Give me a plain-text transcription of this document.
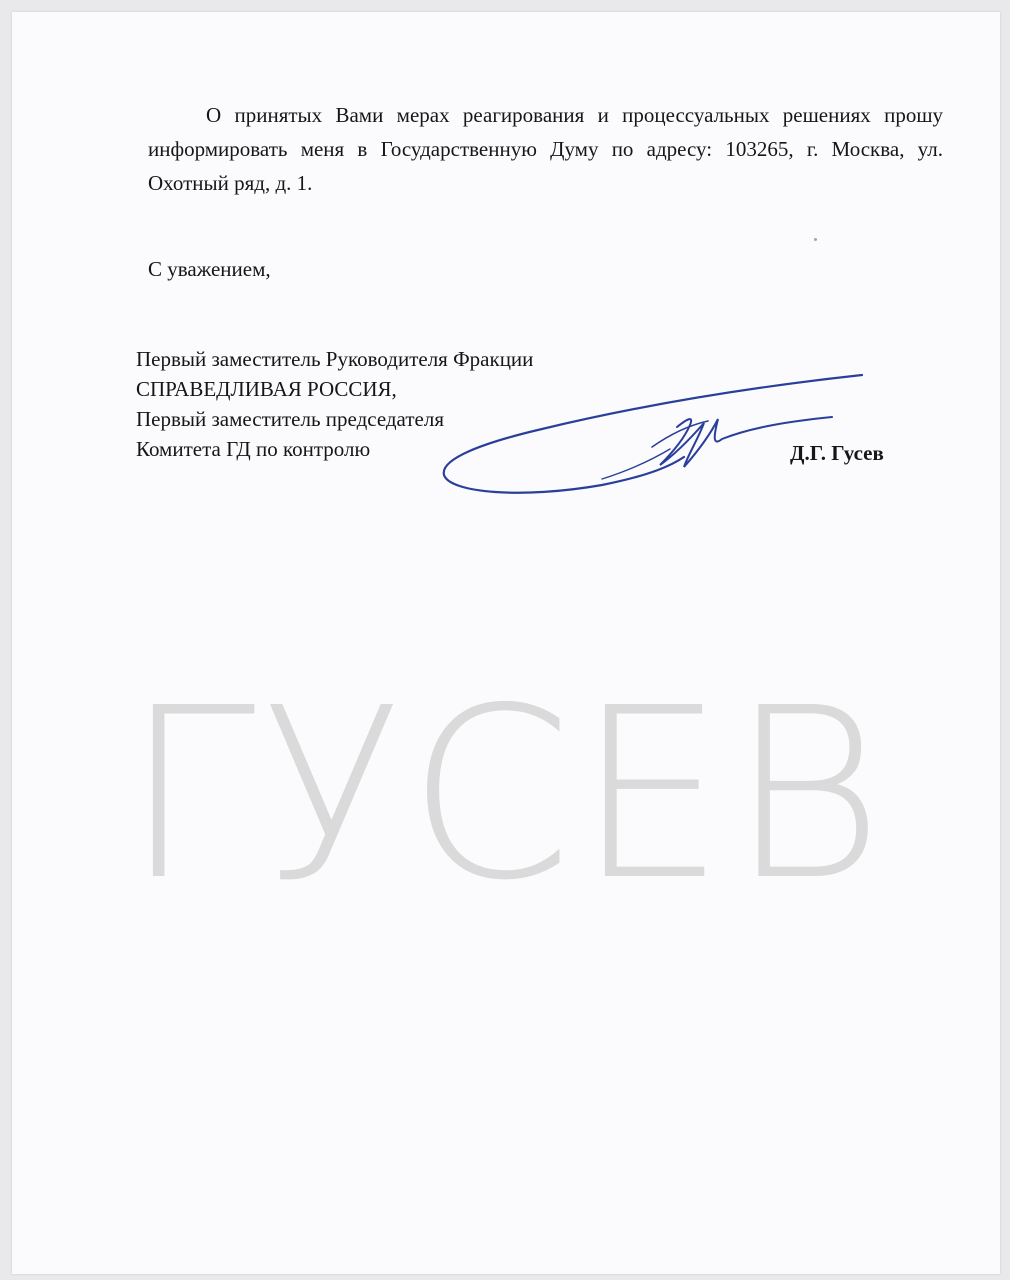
О принятых Вами мерах реагирования и процессуальных решениях прошу информировать меня в Государственную Думу по адресу: 103265, г. Москва, ул. Охотный ряд, д. 1.
С уважением,
Первый заместитель Руководителя Фракции
СПРАВЕДЛИВАЯ РОССИЯ,
Первый заместитель председателя
Комитета ГД по контролю	Д.Г. Гусев
ГУСЕВ
